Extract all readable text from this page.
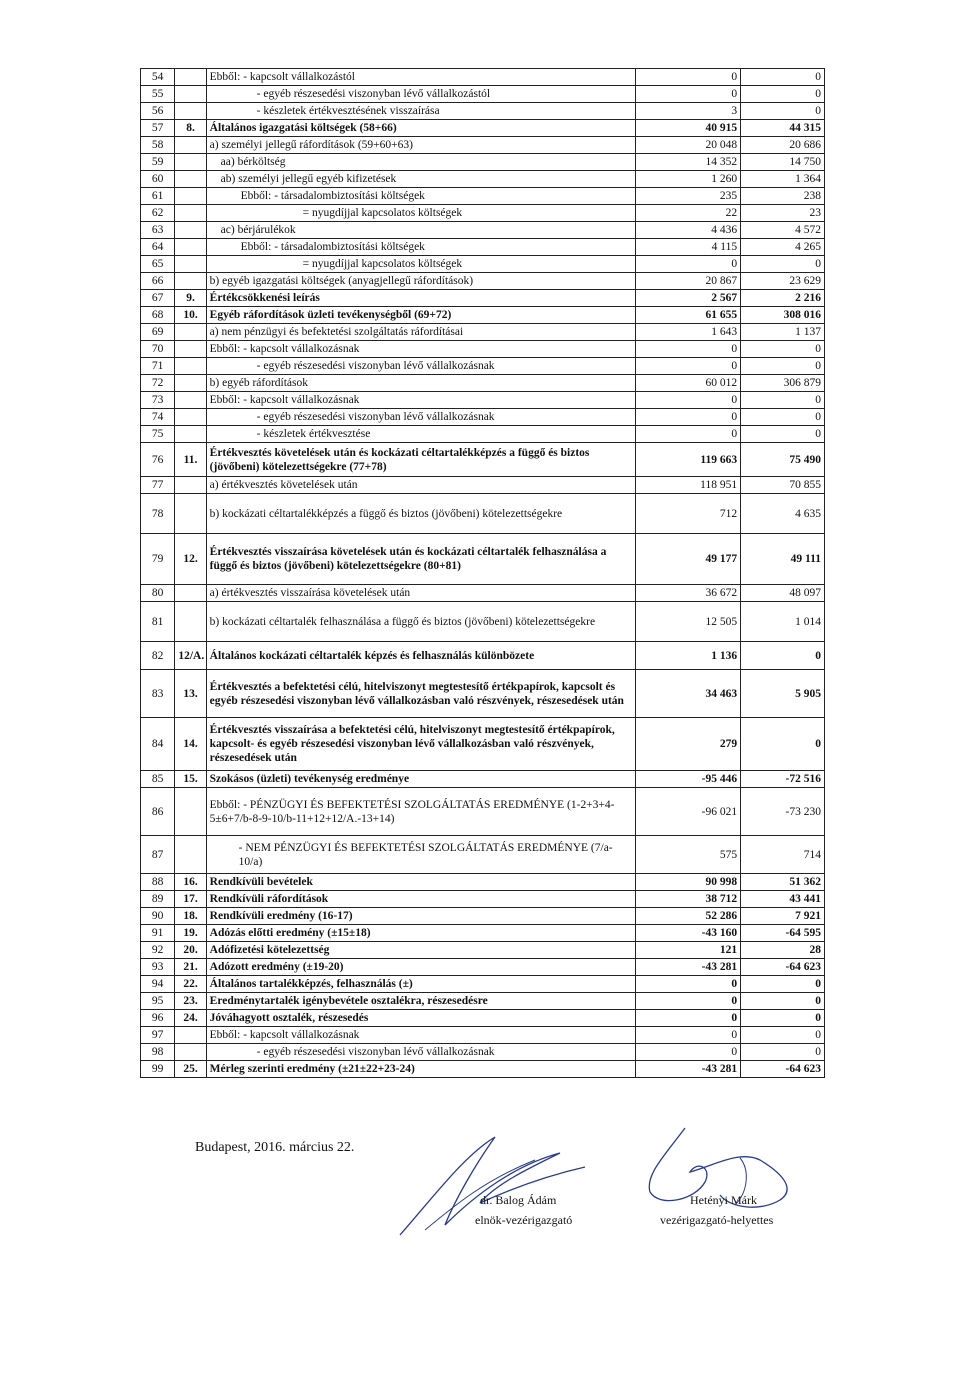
54		Ebből: - kapcsolt vállalkozástól	0	0
55		- egyéb részesedési viszonyban lévő vállalkozástól	0	0
56		- készletek értékvesztésének visszaírása	3	0
57	8.	Általános igazgatási költségek (58+66)	40 915	44 315
58		a) személyi jellegű ráfordítások (59+60+63)	20 048	20 686
59		aa) bérköltség	14 352	14 750
60		ab) személyi jellegű egyéb kifizetések	1 260	1 364
61		Ebből: - társadalombiztosítási költségek	235	238
62		= nyugdíjjal kapcsolatos költségek	22	23
63		ac) bérjárulékok	4 436	4 572
64		Ebből: - társadalombiztosítási költségek	4 115	4 265
65		= nyugdíjjal kapcsolatos költségek	0	0
66		b) egyéb igazgatási költségek (anyagjellegű ráfordítások)	20 867	23 629
67	9.	Értékcsökkenési leírás	2 567	2 216
68	10.	Egyéb ráfordítások üzleti tevékenységből (69+72)	61 655	308 016
69		a) nem pénzügyi és befektetési szolgáltatás ráfordításai	1 643	1 137
70		Ebből: - kapcsolt vállalkozásnak	0	0
71		- egyéb részesedési viszonyban lévő vállalkozásnak	0	0
72		b) egyéb ráfordítások	60 012	306 879
73		Ebből: - kapcsolt vállalkozásnak	0	0
74		- egyéb részesedési viszonyban lévő vállalkozásnak	0	0
75		- készletek értékvesztése	0	0
76	11.	Értékvesztés követelések után és kockázati céltartalékképzés a függő és biztos (jövőbeni) kötelezettségekre (77+78)	119 663	75 490
77		a) értékvesztés követelések után	118 951	70 855
78		b) kockázati céltartalékképzés a függő és biztos (jövőbeni) kötelezettségekre	712	4 635
79	12.	Értékvesztés visszaírása követelések után és kockázati céltartalék felhasználása a függő és biztos (jövőbeni) kötelezettségekre (80+81)	49 177	49 111
80		a) értékvesztés visszaírása követelések után	36 672	48 097
81		b) kockázati céltartalék felhasználása a függő és biztos (jövőbeni) kötelezettségekre	12 505	1 014
82	12/A.	Általános kockázati céltartalék képzés és felhasználás különbözete	1 136	0
83	13.	Értékvesztés a befektetési célú, hitelviszonyt megtestesítő értékpapírok, kapcsolt és egyéb részesedési viszonyban lévő vállalkozásban való részvények, részesedések után	34 463	5 905
84	14.	Értékvesztés visszaírása a befektetési célú, hitelviszonyt megtestesítő értékpapírok, kapcsolt- és egyéb részesedési viszonyban lévő vállalkozásban való részvények, részesedések után	279	0
85	15.	Szokásos (üzleti) tevékenység eredménye	-95 446	-72 516
86		Ebből: - PÉNZÜGYI ÉS BEFEKTETÉSI SZOLGÁLTATÁS EREDMÉNYE (1-2+3+4-5±6+7/b-8-9-10/b-11+12+12/A.-13+14)	-96 021	-73 230
87		- NEM PÉNZÜGYI ÉS BEFEKTETÉSI SZOLGÁLTATÁS EREDMÉNYE (7/a-10/a)	575	714
88	16.	Rendkívüli bevételek	90 998	51 362
89	17.	Rendkívüli ráfordítások	38 712	43 441
90	18.	Rendkívüli eredmény (16-17)	52 286	7 921
91	19.	Adózás előtti eredmény (±15±18)	-43 160	-64 595
92	20.	Adófizetési kötelezettség	121	28
93	21.	Adózott eredmény (±19-20)	-43 281	-64 623
94	22.	Általános tartalékképzés, felhasználás (±)	0	0
95	23.	Eredménytartalék igénybevétele osztalékra, részesedésre	0	0
96	24.	Jóváhagyott osztalék, részesedés	0	0
97		Ebből: - kapcsolt vállalkozásnak	0	0
98		- egyéb részesedési viszonyban lévő vállalkozásnak	0	0
99	25.	Mérleg szerinti eredmény (±21±22+23-24)	-43 281	-64 623
Budapest, 2016. március 22.
dr. Balog Ádám
elnök-vezérigazgató
Hetényi Márk
vezérigazgató-helyettes
